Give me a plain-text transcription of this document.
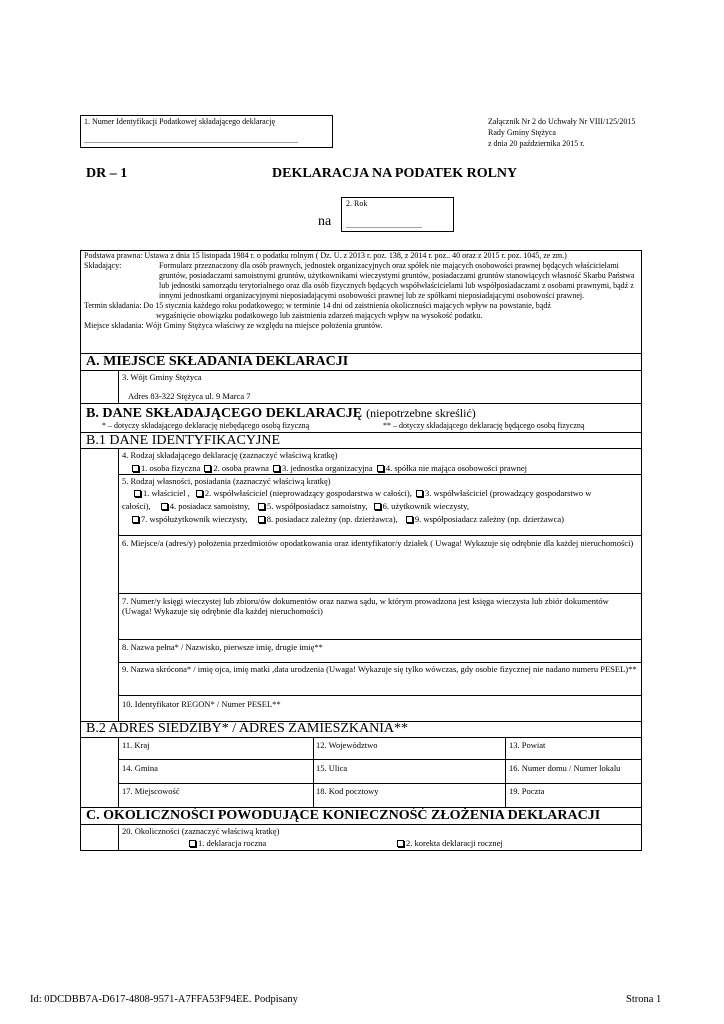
1. Numer Identyfikacji Podatkowej składającego deklarację
...........................................................................................................
Załącznik Nr 2 do Uchwały Nr VIII/125/2015
Rady Gminy Stężyca
z dnia 20 października 2015 r.
DR – 1	DEKLARACJA NA PODATEK ROLNY
na
2. Rok
......................................
Podstawa prawna: Ustawa z dnia 15 listopada 1984 r. o podatku rolnym ( Dz. U. z 2013 r. poz. 138, z 2014 r. poz.. 40 oraz z 2015 r. poz. 1045, ze zm.)
Składający:	Formularz przeznaczony dla osób prawnych, jednostek organizacyjnych oraz spółek nie mających osobowości prawnej będących właścicielami gruntów, posiadaczami samoistnymi gruntów, użytkownikami wieczystymi gruntów, posiadaczami gruntów stanowiących własność Skarbu Państwa lub jednostki samorządu terytorialnego oraz dla osób fizycznych będących współwłaścicielami lub współposiadaczami z osobami prawnymi, bądź z innymi jednostkami organizacyjnymi nieposiadającymi osobowości prawnej lub ze spółkami nieposiadającymi osobowości prawnej.
Termin składania: Do 15 stycznia każdego roku podatkowego; w terminie 14 dni od zaistnienia okoliczności mających wpływ na powstanie, bądź
wygaśnięcie obowiązku podatkowego lub zaistnienia zdarzeń mających wpływ na wysokość podatku.
Miejsce składania: Wójt Gminy Stężyca właściwy ze względu na miejsce położenia gruntów.
A. MIEJSCE SKŁADANIA DEKLARACJI
3. Wójt Gminy Stężyca
Adres 83-322 Stężyca ul. 9 Marca 7
B. DANE SKŁADAJĄCEGO DEKLARACJĘ (niepotrzebne skreślić)
* – dotyczy składającego deklarację niebędącego osobą fizyczną	** – dotyczy składającego deklarację będącego osobą fizyczną
B.1 DANE IDENTYFIKACYJNE
4. Rodzaj składającego deklarację (zaznaczyć właściwą kratkę)
1. osoba fizyczna 2. osoba prawna 3. jednostka organizacyjna 4. spółka nie mająca osobowości prawnej
5. Rodzaj własności, posiadania (zaznaczyć właściwą kratkę)
1. właściciel , 2. współwłaściciel (nieprowadzący gospodarstwa w całości), 3. współwłaściciel (prowadzący gospodarstwo w
całości), 4. posiadacz samoistny, 5. współposiadacz samoistny, 6. użytkownik wieczysty,
7. współużytkownik wieczysty, 8. posiadacz zależny (np. dzierżawca), 9. współposiadacz zależny (np. dzierżawca)
6. Miejsce/a (adres/y) położenia przedmiotów opodatkowania oraz identyfikator/y działek ( Uwaga! Wykazuje się odrębnie dla każdej nieruchomości)
7. Numer/y księgi wieczystej lub zbioru/ów dokumentów oraz nazwa sądu, w którym prowadzona jest księga wieczysta lub zbiór dokumentów (Uwaga! Wykazuje się odrębnie dla każdej nieruchomości)
8. Nazwa pełna* / Nazwisko, pierwsze imię, drugie imię**
9. Nazwa skrócona* / imię ojca, imię matki ,data urodzenia (Uwaga! Wykazuje się tylko wówczas, gdy osobie fizycznej nie nadano numeru PESEL)**
10. Identyfikator REGON* / Numer PESEL**
B.2 ADRES SIEDZIBY* / ADRES ZAMIESZKANIA**
11. Kraj	12. Województwo	13. Powiat
14. Gmina	15. Ulica	16. Numer domu / Numer lokalu
17. Miejscowość	18. Kod pocztowy	19. Poczta
C. OKOLICZNOŚCI POWODUJĄCE KONIECZNOŚĆ ZŁOŻENIA DEKLARACJI
20. Okoliczności (zaznaczyć właściwą kratkę)
1. deklaracja roczna	2. korekta deklaracji rocznej
Id: 0DCDBB7A-D617-4808-9571-A7FFA53F94EE. Podpisany	Strona 1
